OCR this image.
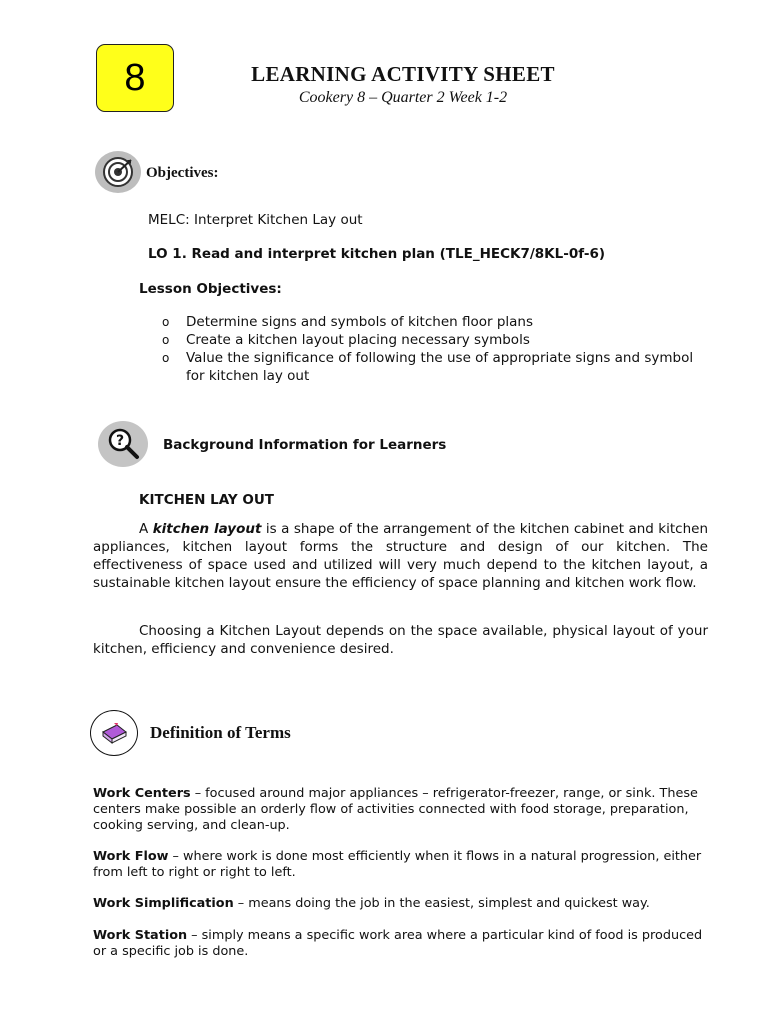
8	LEARNING ACTIVITY SHEET
Cookery 8 – Quarter 2 Week 1-2
Objectives:
MELC: Interpret Kitchen Lay out
LO 1. Read and interpret kitchen plan (TLE_HECK7/8KL-0f-6)
Lesson Objectives:
o Determine signs and symbols of kitchen floor plans
o Create a kitchen layout placing necessary symbols
o Value the significance of following the use of appropriate signs and symbol for kitchen lay out
?	Background Information for Learners
KITCHEN LAY OUT
A kitchen layout is a shape of the arrangement of the kitchen cabinet and kitchen appliances, kitchen layout forms the structure and design of our kitchen. The effectiveness of space used and utilized will very much depend to the kitchen layout, a sustainable kitchen layout ensure the efficiency of space planning and kitchen work flow.
Choosing a Kitchen Layout depends on the space available, physical layout of your kitchen, efficiency and convenience desired.
Definition of Terms
Work Centers – focused around major appliances – refrigerator-freezer, range, or sink. These centers make possible an orderly flow of activities connected with food storage, preparation, cooking serving, and clean-up.
Work Flow – where work is done most efficiently when it flows in a natural progression, either from left to right or right to left.
Work Simplification – means doing the job in the easiest, simplest and quickest way.
Work Station – simply means a specific work area where a particular kind of food is produced or a specific job is done.
